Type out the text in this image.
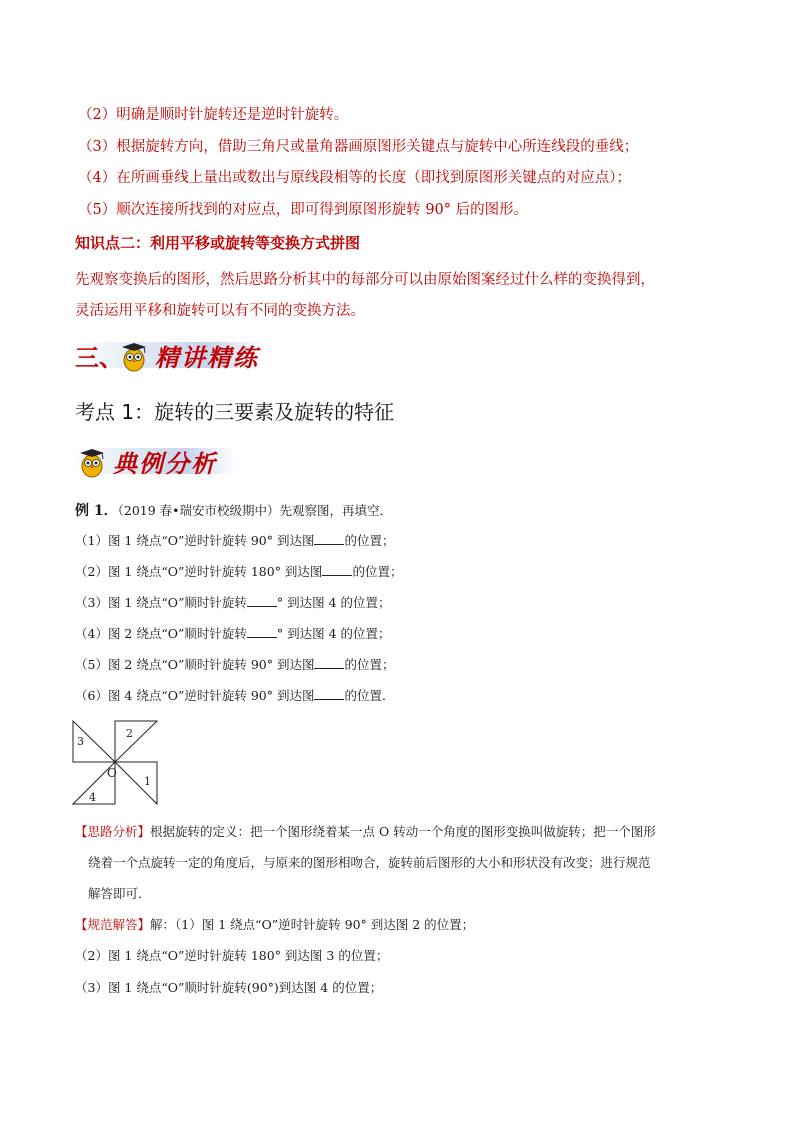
（2）明确是顺时针旋转还是逆时针旋转。
（3）根据旋转方向，借助三角尺或量角器画原图形关键点与旋转中心所连线段的垂线；
（4）在所画垂线上量出或数出与原线段相等的长度（即找到原图形关键点的对应点）；
（5）顺次连接所找到的对应点，即可得到原图形旋转 90° 后的图形。
知识点二：利用平移或旋转等变换方式拼图
先观察变换后的图形，然后思路分析其中的每部分可以由原始图案经过什么样的变换得到，
灵活运用平移和旋转可以有不同的变换方法。
三、 精讲精练
考点 1：旋转的三要素及旋转的特征
典例分析
例 1．（2019 春•瑞安市校级期中）先观察图，再填空．
（1）图 1 绕点“O”逆时针旋转 90° 到达图 的位置；
（2）图 1 绕点“O”逆时针旋转 180° 到达图 的位置；
（3）图 1 绕点“O”顺时针旋转 ° 到达图 4 的位置；
（4）图 2 绕点“O”顺时针旋转 ° 到达图 4 的位置；
（5）图 2 绕点“O”顺时针旋转 90° 到达图 的位置；
（6）图 4 绕点“O”逆时针旋转 90° 到达图 的位置．
2
3
1
4
O
【思路分析】根据旋转的定义：把一个图形绕着某一点 O 转动一个角度的图形变换叫做旋转；把一个图形
绕着一个点旋转一定的角度后，与原来的图形相吻合，旋转前后图形的大小和形状没有改变；进行规范
解答即可．
【规范解答】解：（1）图 1 绕点“O”逆时针旋转 90° 到达图 2 的位置；
（2）图 1 绕点“O”逆时针旋转 180° 到达图 3 的位置；
（3）图 1 绕点“O”顺时针旋转(90°)到达图 4 的位置；
